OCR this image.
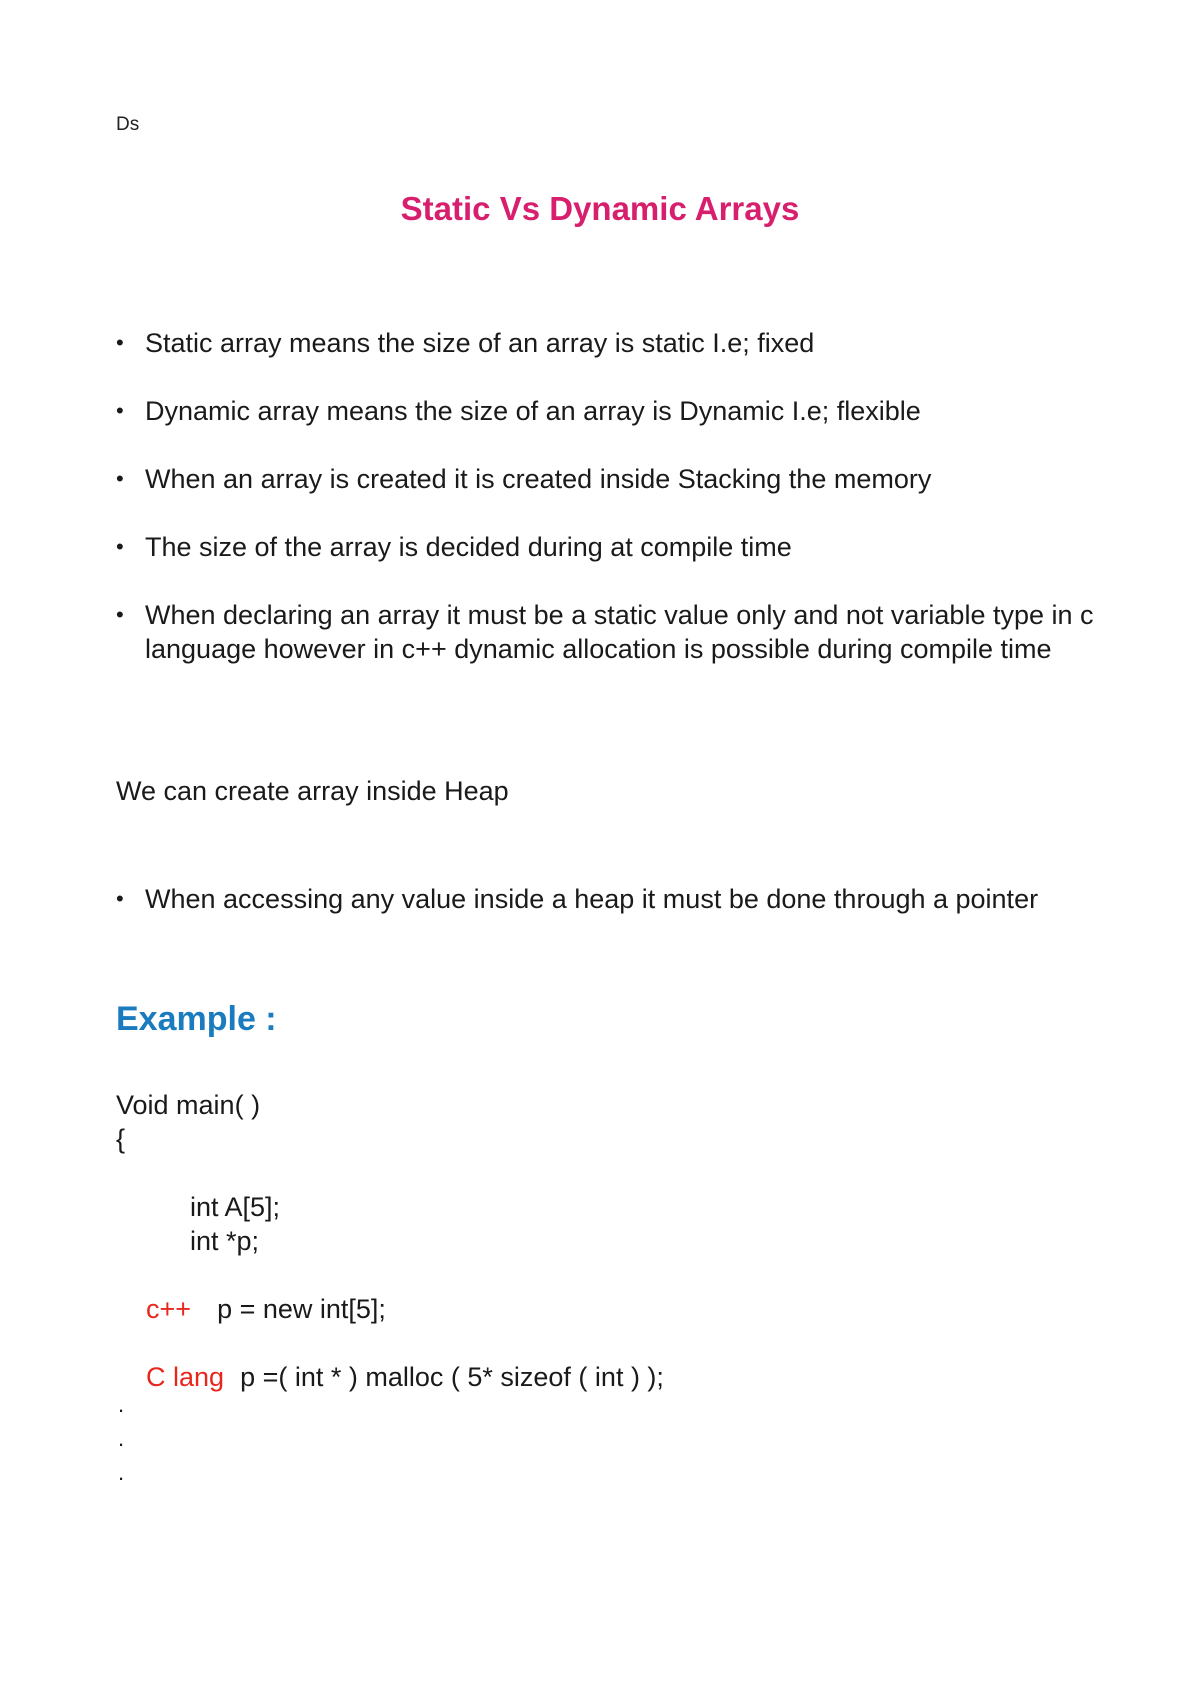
Ds
Static Vs Dynamic Arrays
• Static array means the size of an array is static I.e; fixed
• Dynamic array means the size of an array is Dynamic I.e; flexible
• When an array is created it is created inside Stacking the memory
• The size of the array is decided during at compile time
• When declaring an array it must be a static value only and not variable type in c language however in c++ dynamic allocation is possible during compile time
We can create array inside Heap
• When accessing any value inside a heap it must be done through a pointer
Example :
Void main( )
{
int A[5];
int *p;

c++ p = new int[5];

C lang p =( int * ) malloc ( 5* sizeof ( int ) );

.
.
.
